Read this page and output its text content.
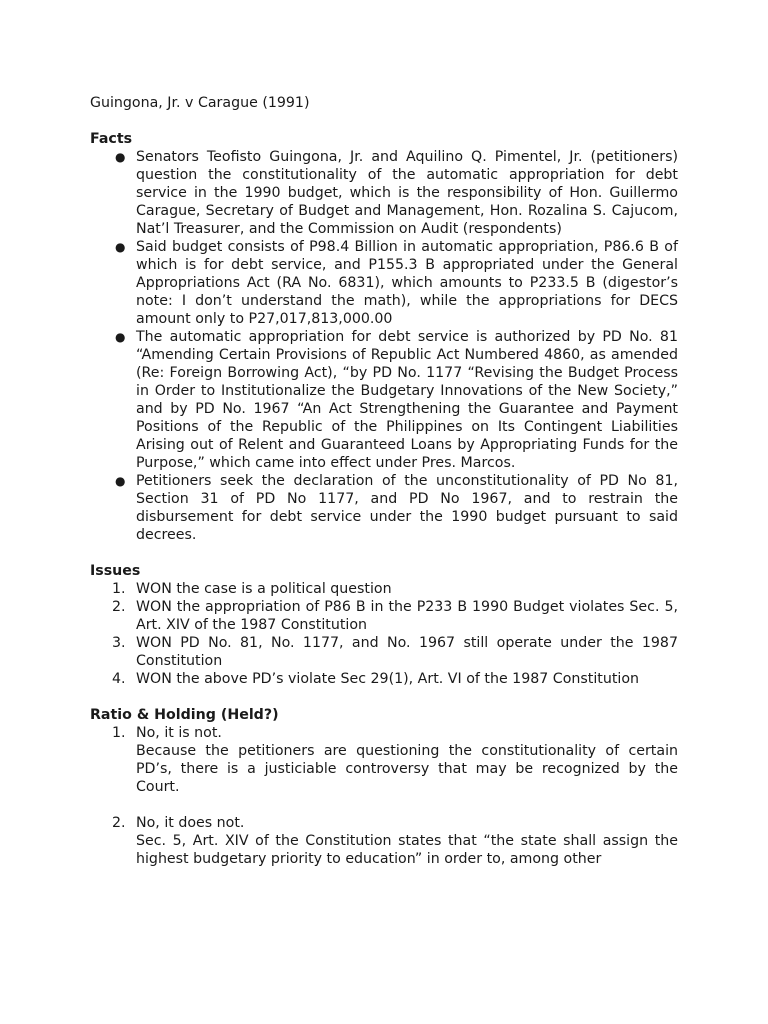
Guingona, Jr. v Carague (1991)

Facts

● Senators Teofisto Guingona, Jr. and Aquilino Q. Pimentel, Jr. (petitioners) question the constitutionality of the automatic appropriation for debt service in the 1990 budget, which is the responsibility of Hon. Guillermo Carague, Secretary of Budget and Management, Hon. Rozalina S. Cajucom, Nat’l Treasurer, and the Commission on Audit (respondents)
● Said budget consists of P98.4 Billion in automatic appropriation, P86.6 B of which is for debt service, and P155.3 B appropriated under the General Appropriations Act (RA No. 6831), which amounts to P233.5 B (digestor’s note: I don’t understand the math), while the appropriations for DECS amount only to P27,017,813,000.00
● The automatic appropriation for debt service is authorized by PD No. 81 “Amending Certain Provisions of Republic Act Numbered 4860, as amended (Re: Foreign Borrowing Act), “by PD No. 1177 “Revising the Budget Process in Order to Institutionalize the Budgetary Innovations of the New Society,” and by PD No. 1967 “An Act Strengthening the Guarantee and Payment Positions of the Republic of the Philippines on Its Contingent Liabilities Arising out of Relent and Guaranteed Loans by Appropriating Funds for the Purpose,” which came into effect under Pres. Marcos.
● Petitioners seek the declaration of the unconstitutionality of PD No 81, Section 31 of PD No 1177, and PD No 1967, and to restrain the disbursement for debt service under the 1990 budget pursuant to said decrees.

Issues

1. WON the case is a political question
2. WON the appropriation of P86 B in the P233 B 1990 Budget violates Sec. 5, Art. XIV of the 1987 Constitution
3. WON PD No. 81, No. 1177, and No. 1967 still operate under the 1987 Constitution
4. WON the above PD’s violate Sec 29(1), Art. VI of the 1987 Constitution

Ratio & Holding (Held?)

1. No, it is not.

Because the petitioners are questioning the constitutionality of certain PD’s, there is a justiciable controversy that may be recognized by the Court.

2. No, it does not.

Sec. 5, Art. XIV of the Constitution states that “the state shall assign the highest budgetary priority to education” in order to, among other
